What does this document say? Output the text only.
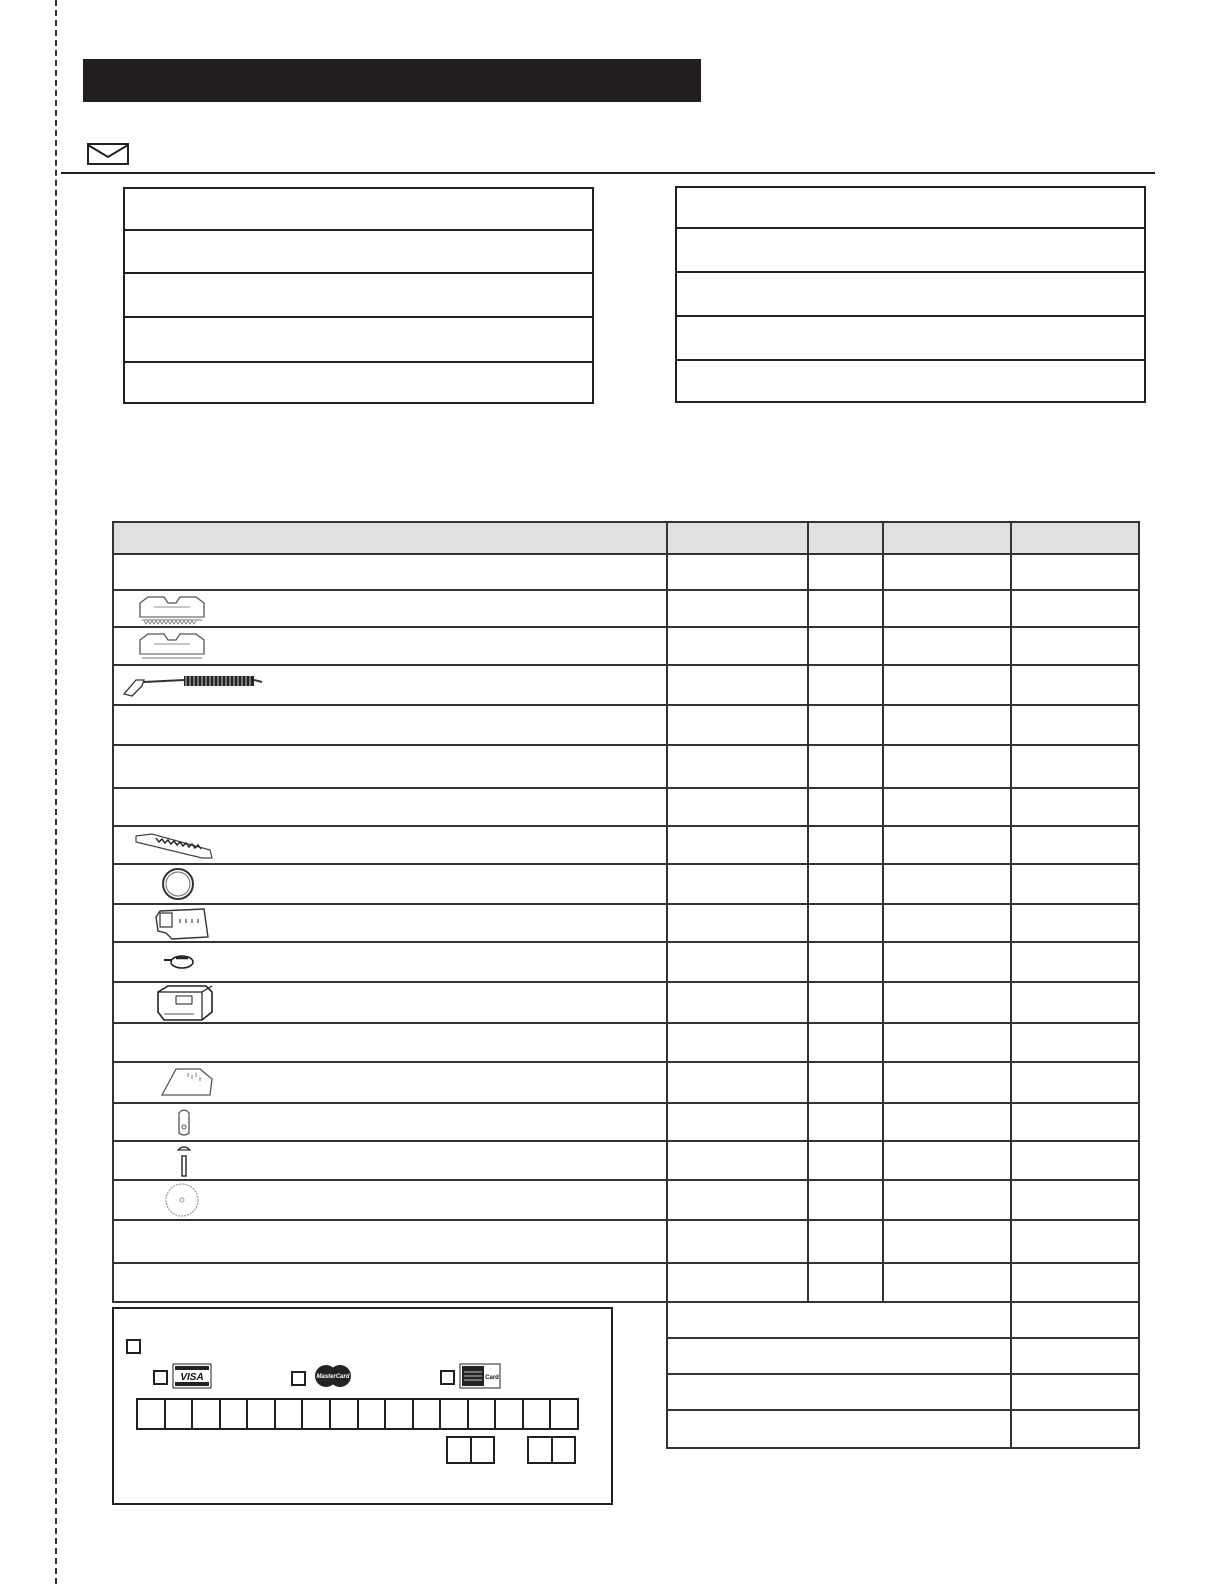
~				

VISA	MasterCard	Card
